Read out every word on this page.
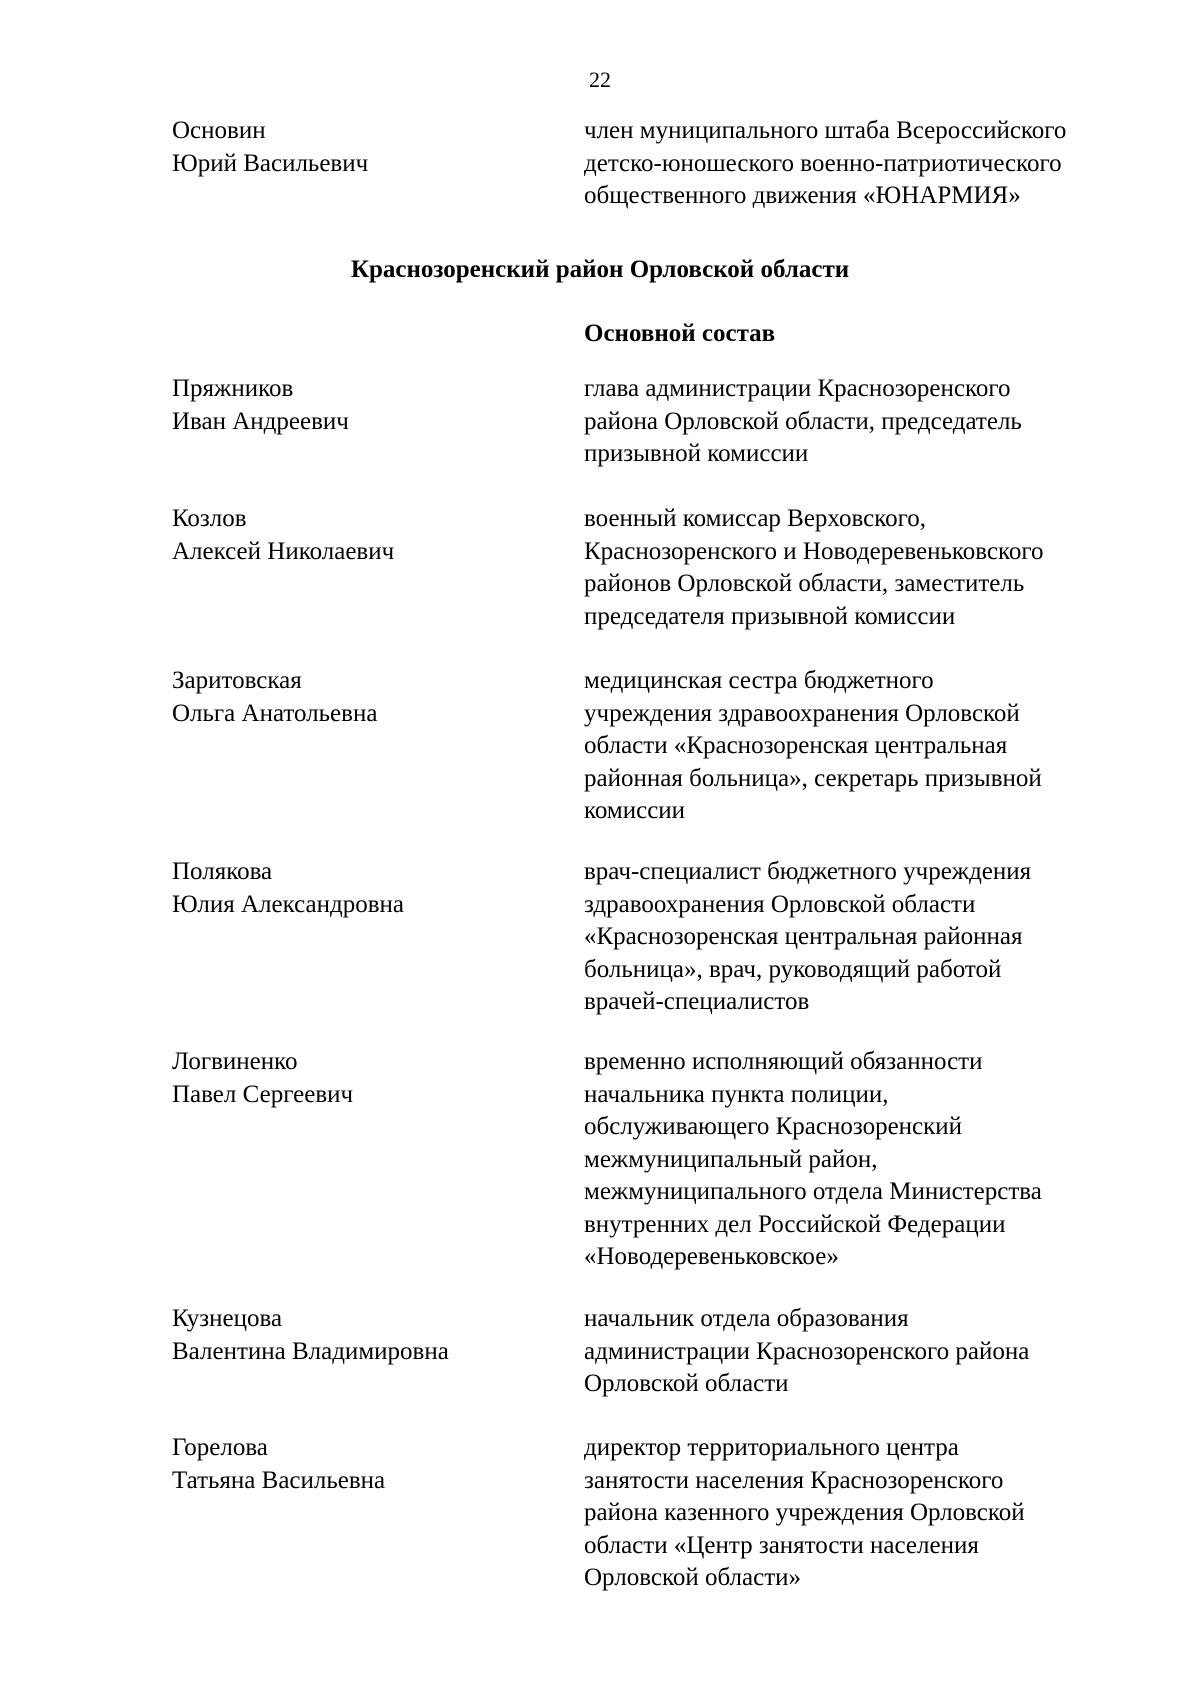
22
Основин
Юрий Васильевич
член муниципального штаба Всероссийского
детско-юношеского военно-патриотического
общественного движения «ЮНАРМИЯ»
Краснозоренский район Орловской области
Основной состав
Пряжников
Иван Андреевич
глава администрации Краснозоренского
района Орловской области, председатель
призывной комиссии
Козлов
Алексей Николаевич
военный комиссар Верховского,
Краснозоренского и Новодеревеньковского
районов Орловской области, заместитель
председателя призывной комиссии
Заритовская
Ольга Анатольевна
медицинская сестра бюджетного
учреждения здравоохранения Орловской
области «Краснозоренская центральная
районная больница», секретарь призывной
комиссии
Полякова
Юлия Александровна
врач-специалист бюджетного учреждения
здравоохранения Орловской области
«Краснозоренская центральная районная
больница», врач, руководящий работой
врачей-специалистов
Логвиненко
Павел Сергеевич
временно исполняющий обязанности
начальника пункта полиции,
обслуживающего Краснозоренский
межмуниципальный район,
межмуниципального отдела Министерства
внутренних дел Российской Федерации
«Новодеревеньковское»
Кузнецова
Валентина Владимировна
начальник отдела образования
администрации Краснозоренского района
Орловской области
Горелова
Татьяна Васильевна
директор территориального центра
занятости населения Краснозоренского
района казенного учреждения Орловской
области «Центр занятости населения
Орловской области»
